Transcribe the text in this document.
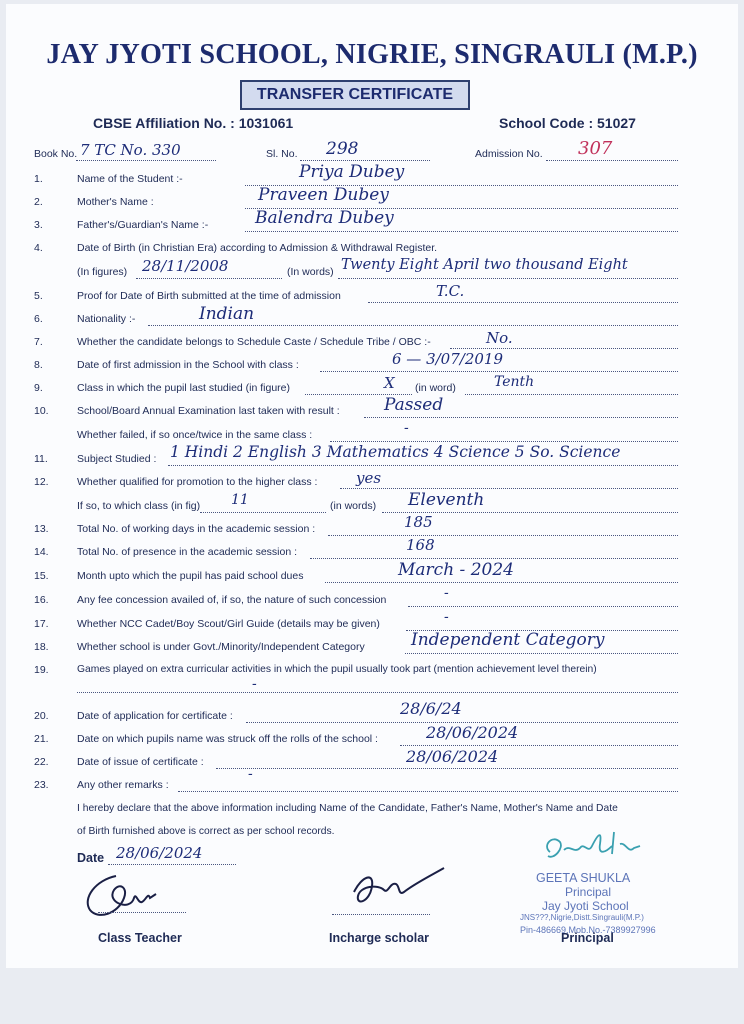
JAY JYOTI SCHOOL, NIGRIE, SINGRAULI (M.P.)
TRANSFER CERTIFICATE
CBSE Affiliation No. : 1031061	School Code : 51027
Book No. 7 TC No. 330	Sl. No. 298	Admission No. 307
1.	Name of the Student :-	Priya Dubey
2.	Mother's Name :	Praveen Dubey
3.	Father's/Guardian's Name :-	Balendra Dubey
4.	Date of Birth (in Christian Era) according to Admission & Withdrawal Register.
(In figures) 28/11/2008	(In words) Twenty Eight April two thousand Eight
5.	Proof for Date of Birth submitted at the time of admission	T.C.
6.	Nationality :-	Indian
7.	Whether the candidate belongs to Schedule Caste / Schedule Tribe / OBC :-	No.
8.	Date of first admission in the School with class :	6 — 3/07/2019
9.	Class in which the pupil last studied (in figure)	X (in word)	Tenth
10.	School/Board Annual Examination last taken with result :	Passed
Whether failed, if so once/twice in the same class :	-
11.	Subject Studied : 1 Hindi 2 English 3 Mathematics 4 Science 5 So. Science
12.	Whether qualified for promotion to the higher class :	yes
If so, to which class (in fig) 11	(in words) Eleventh
13.	Total No. of working days in the academic session :	185
14.	Total No. of presence in the academic session :	168
15.	Month upto which the pupil has paid school dues	March - 2024
16.	Any fee concession availed of, if so, the nature of such concession	-
17.	Whether NCC Cadet/Boy Scout/Girl Guide (details may be given)	-
18.	Whether school is under Govt./Minority/Independent Category	Independent Category
19.	Games played on extra curricular activities in which the pupil usually took part (mention achievement level therein)
-
20.	Date of application for certificate :	28/6/24
21.	Date on which pupils name was struck off the rolls of the school :	28/06/2024
22.	Date of issue of certificate :	28/06/2024
23.	Any other remarks :
-
I hereby declare that the above information including Name of the Candidate, Father's Name, Mother's Name and Date
of Birth furnished above is correct as per school records.
Date 28/06/2024
GEETA SHUKLA
Principal
Jay Jyoti School
JNS???,Nigrie,Distt.Singrauli(M.P.)
Pin-486669,Mob.No.-7389927996
Class Teacher	Incharge scholar	Principal
